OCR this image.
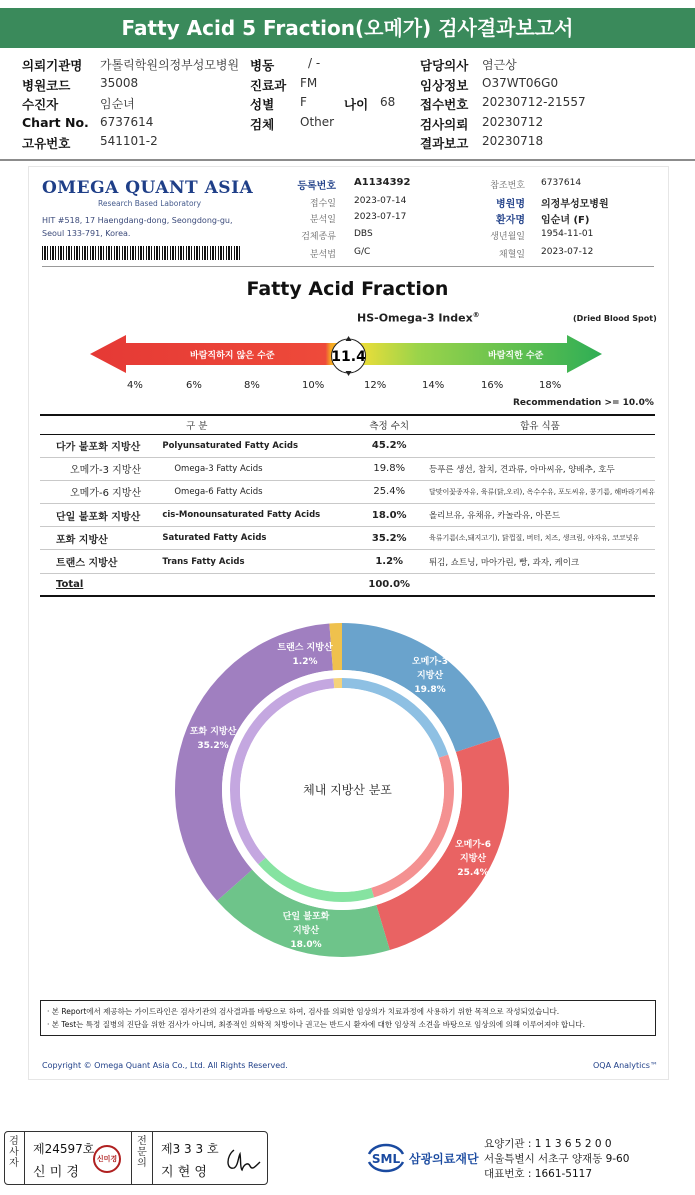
Fatty Acid 5 Fraction(오메가) 검사결과보고서
의뢰기관명 가톨릭학원의정부성모병원 병동	/ -	담당의사 염근상
병원코드 35008	진료과 FM	임상정보 O37WT06G0
수진자	임순녀	성별 F	나이 68 접수번호 20230712-21557
Chart No. 6737614	검체 Other	검사의뢰 20230712
고유번호 541101-2	결과보고 20230718
OMEGA QUANT ASIA
Research Based Laboratory
HIT #518, 17 Haengdang-dong, Seongdong-gu,
Seoul 133-791, Korea.
등록번호 A1134392
접수일 2023-07-14
분석일 2023-07-17
검체종류 DBS
분석법 G/C
참조번호 6737614
병원명 의정부성모병원
환자명 임순녀 (F)
생년월일 1954-11-01
채혈일 2023-07-12
Fatty Acid Fraction
HS-Omega-3 Index®	(Dried Blood Spot)
바람직하지 않은 수준	바람직한 수준
11.4
4%	6%	8%	10%	12%	14%	16%	18%
Recommendation >= 10.0%
구 분		측정 수치	함유 식품
다가 불포화 지방산	Polyunsaturated Fatty Acids	45.2%	
오메가-3 지방산	Omega-3 Fatty Acids	19.8%	등푸른 생선, 참치, 견과류, 아마씨유, 양배추, 호두
오메가-6 지방산	Omega-6 Fatty Acids	25.4%	달맞이꽃종자유, 육류(닭,오리), 옥수수유, 포도씨유, 콩기름, 해바라기씨유
단일 불포화 지방산	cis-Monounsaturated Fatty Acids	18.0%	올리브유, 유채유, 카놀라유, 아몬드
포화 지방산	Saturated Fatty Acids	35.2%	육류기름(소,돼지고기), 닭껍질, 버터, 치즈, 생크림, 야자유, 코코넛유
트랜스 지방산	Trans Fatty Acids	1.2%	튀김, 쇼트닝, 마아가린, 빵, 과자, 케이크
Total		100.0%	
체내 지방산 분포
오메가-3
지방산
19.8%
오메가-6
지방산
25.4%
단일 불포화
지방산
18.0%
포화 지방산
35.2%
트랜스 지방산
1.2%
· 본 Report에서 제공하는 가이드라인은 검사기관의 검사결과를 바탕으로 하여, 검사를 의뢰한 임상의가 치료과정에 사용하기 위한 목적으로 작성되었습니다.
· 본 Test는 특정 질병의 진단을 위한 검사가 아니며, 최종적인 의학적 처방이나 권고는 반드시 환자에 대한 임상적 소견을 바탕으로 임상의에 의해 이루어져야 합니다.
Copyright © Omega Quant Asia Co., Ltd. All Rights Reserved.	OQA Analytics™
검사자
제24597호
신 미 경
신미경
전문의
제3 3 3 호
지 현 영
SML 삼광의료재단
요양기관 : 1 1 3 6 5 2 0 0
서울특별시 서초구 양재동 9-60
대표번호 : 1661-5117
